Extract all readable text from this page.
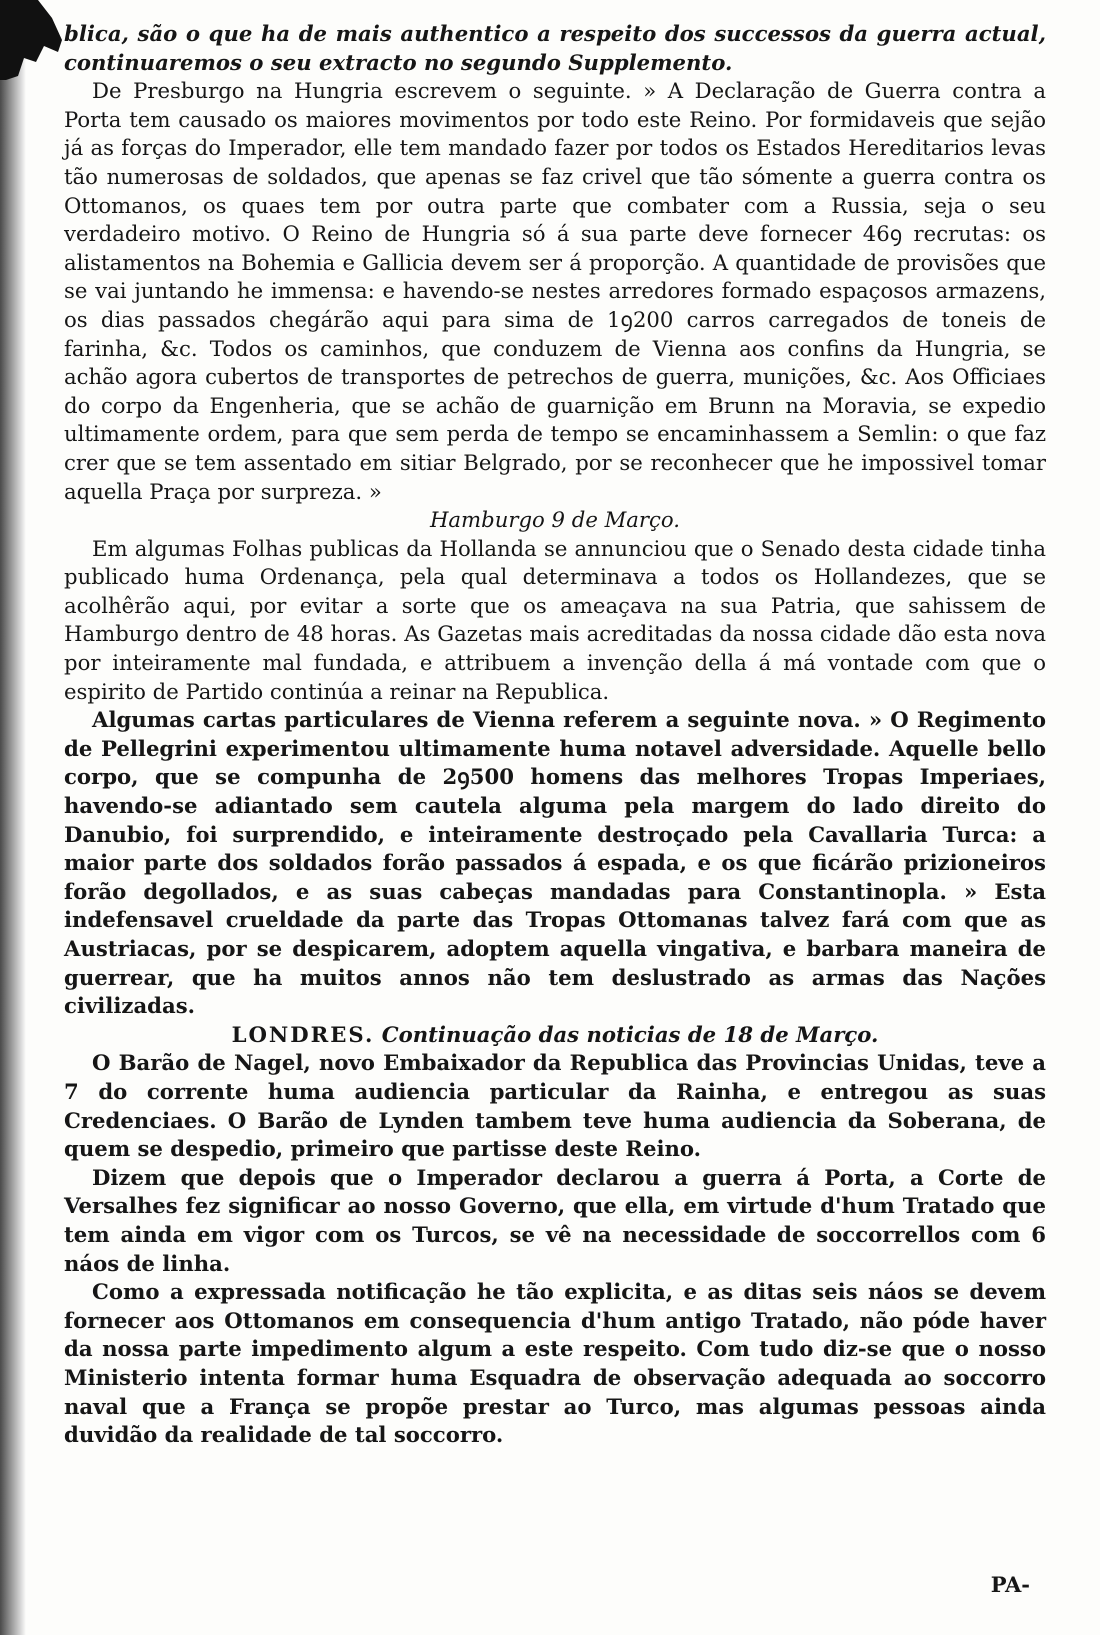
blica, são o que ha de mais authentico a respeito dos successos da guerra actual, continuaremos o seu extracto no segundo Supplemento.

De Presburgo na Hungria escrevem o seguinte. » A Declaração de Guerra contra a Porta tem causado os maiores movimentos por todo este Reino. Por formidaveis que sejão já as forças do Imperador, elle tem mandado fazer por todos os Estados Hereditarios levas tão numerosas de soldados, que apenas se faz crivel que tão sómente a guerra contra os Ottomanos, os quaes tem por outra parte que combater com a Russia, seja o seu verdadeiro motivo. O Reino de Hungria só á sua parte deve fornecer 46ꝯ recrutas: os alistamentos na Bohemia e Gallicia devem ser á proporção. A quantidade de provisões que se vai juntando he immensa: e havendo-se nestes arredores formado espaçosos armazens, os dias passados chegárão aqui para sima de 1ꝯ200 carros carregados de toneis de farinha, &c. Todos os caminhos, que conduzem de Vienna aos confins da Hungria, se achão agora cubertos de transportes de petrechos de guerra, munições, &c. Aos Officiaes do corpo da Engenheria, que se achão de guarnição em Brunn na Moravia, se expedio ultimamente ordem, para que sem perda de tempo se encaminhassem a Semlin: o que faz crer que se tem assentado em sitiar Belgrado, por se reconhecer que he impossivel tomar aquella Praça por surpreza. »

Hamburgo 9 de Março.

Em algumas Folhas publicas da Hollanda se annunciou que o Senado desta cidade tinha publicado huma Ordenança, pela qual determinava a todos os Hollandezes, que se acolhêrão aqui, por evitar a sorte que os ameaçava na sua Patria, que sahissem de Hamburgo dentro de 48 horas. As Gazetas mais acreditadas da nossa cidade dão esta nova por inteiramente mal fundada, e attribuem a invenção della á má vontade com que o espirito de Partido continúa a reinar na Republica.

Algumas cartas particulares de Vienna referem a seguinte nova. » O Regimento de Pellegrini experimentou ultimamente huma notavel adversidade. Aquelle bello corpo, que se compunha de 2ꝯ500 homens das melhores Tropas Imperiaes, havendo-se adiantado sem cautela alguma pela margem do lado direito do Danubio, foi surprendido, e inteiramente destroçado pela Cavallaria Turca: a maior parte dos soldados forão passados á espada, e os que ficárão prizioneiros forão degollados, e as suas cabeças mandadas para Constantinopla. » Esta indefensavel crueldade da parte das Tropas Ottomanas talvez fará com que as Austriacas, por se despicarem, adoptem aquella vingativa, e barbara maneira de guerrear, que ha muitos annos não tem deslustrado as armas das Nações civilizadas.

LONDRES. Continuação das noticias de 18 de Março.

O Barão de Nagel, novo Embaixador da Republica das Provincias Unidas, teve a 7 do corrente huma audiencia particular da Rainha, e entregou as suas Credenciaes. O Barão de Lynden tambem teve huma audiencia da Soberana, de quem se despedio, primeiro que partisse deste Reino.

Dizem que depois que o Imperador declarou a guerra á Porta, a Corte de Versalhes fez significar ao nosso Governo, que ella, em virtude d'hum Tratado que tem ainda em vigor com os Turcos, se vê na necessidade de soccorrellos com 6 náos de linha.

Como a expressada notificação he tão explicita, e as ditas seis náos se devem fornecer aos Ottomanos em consequencia d'hum antigo Tratado, não póde haver da nossa parte impedimento algum a este respeito. Com tudo diz-se que o nosso Ministerio intenta formar huma Esquadra de observação adequada ao soccorro naval que a França se propõe prestar ao Turco, mas algumas pessoas ainda duvidão da realidade de tal soccorro.

PA-
